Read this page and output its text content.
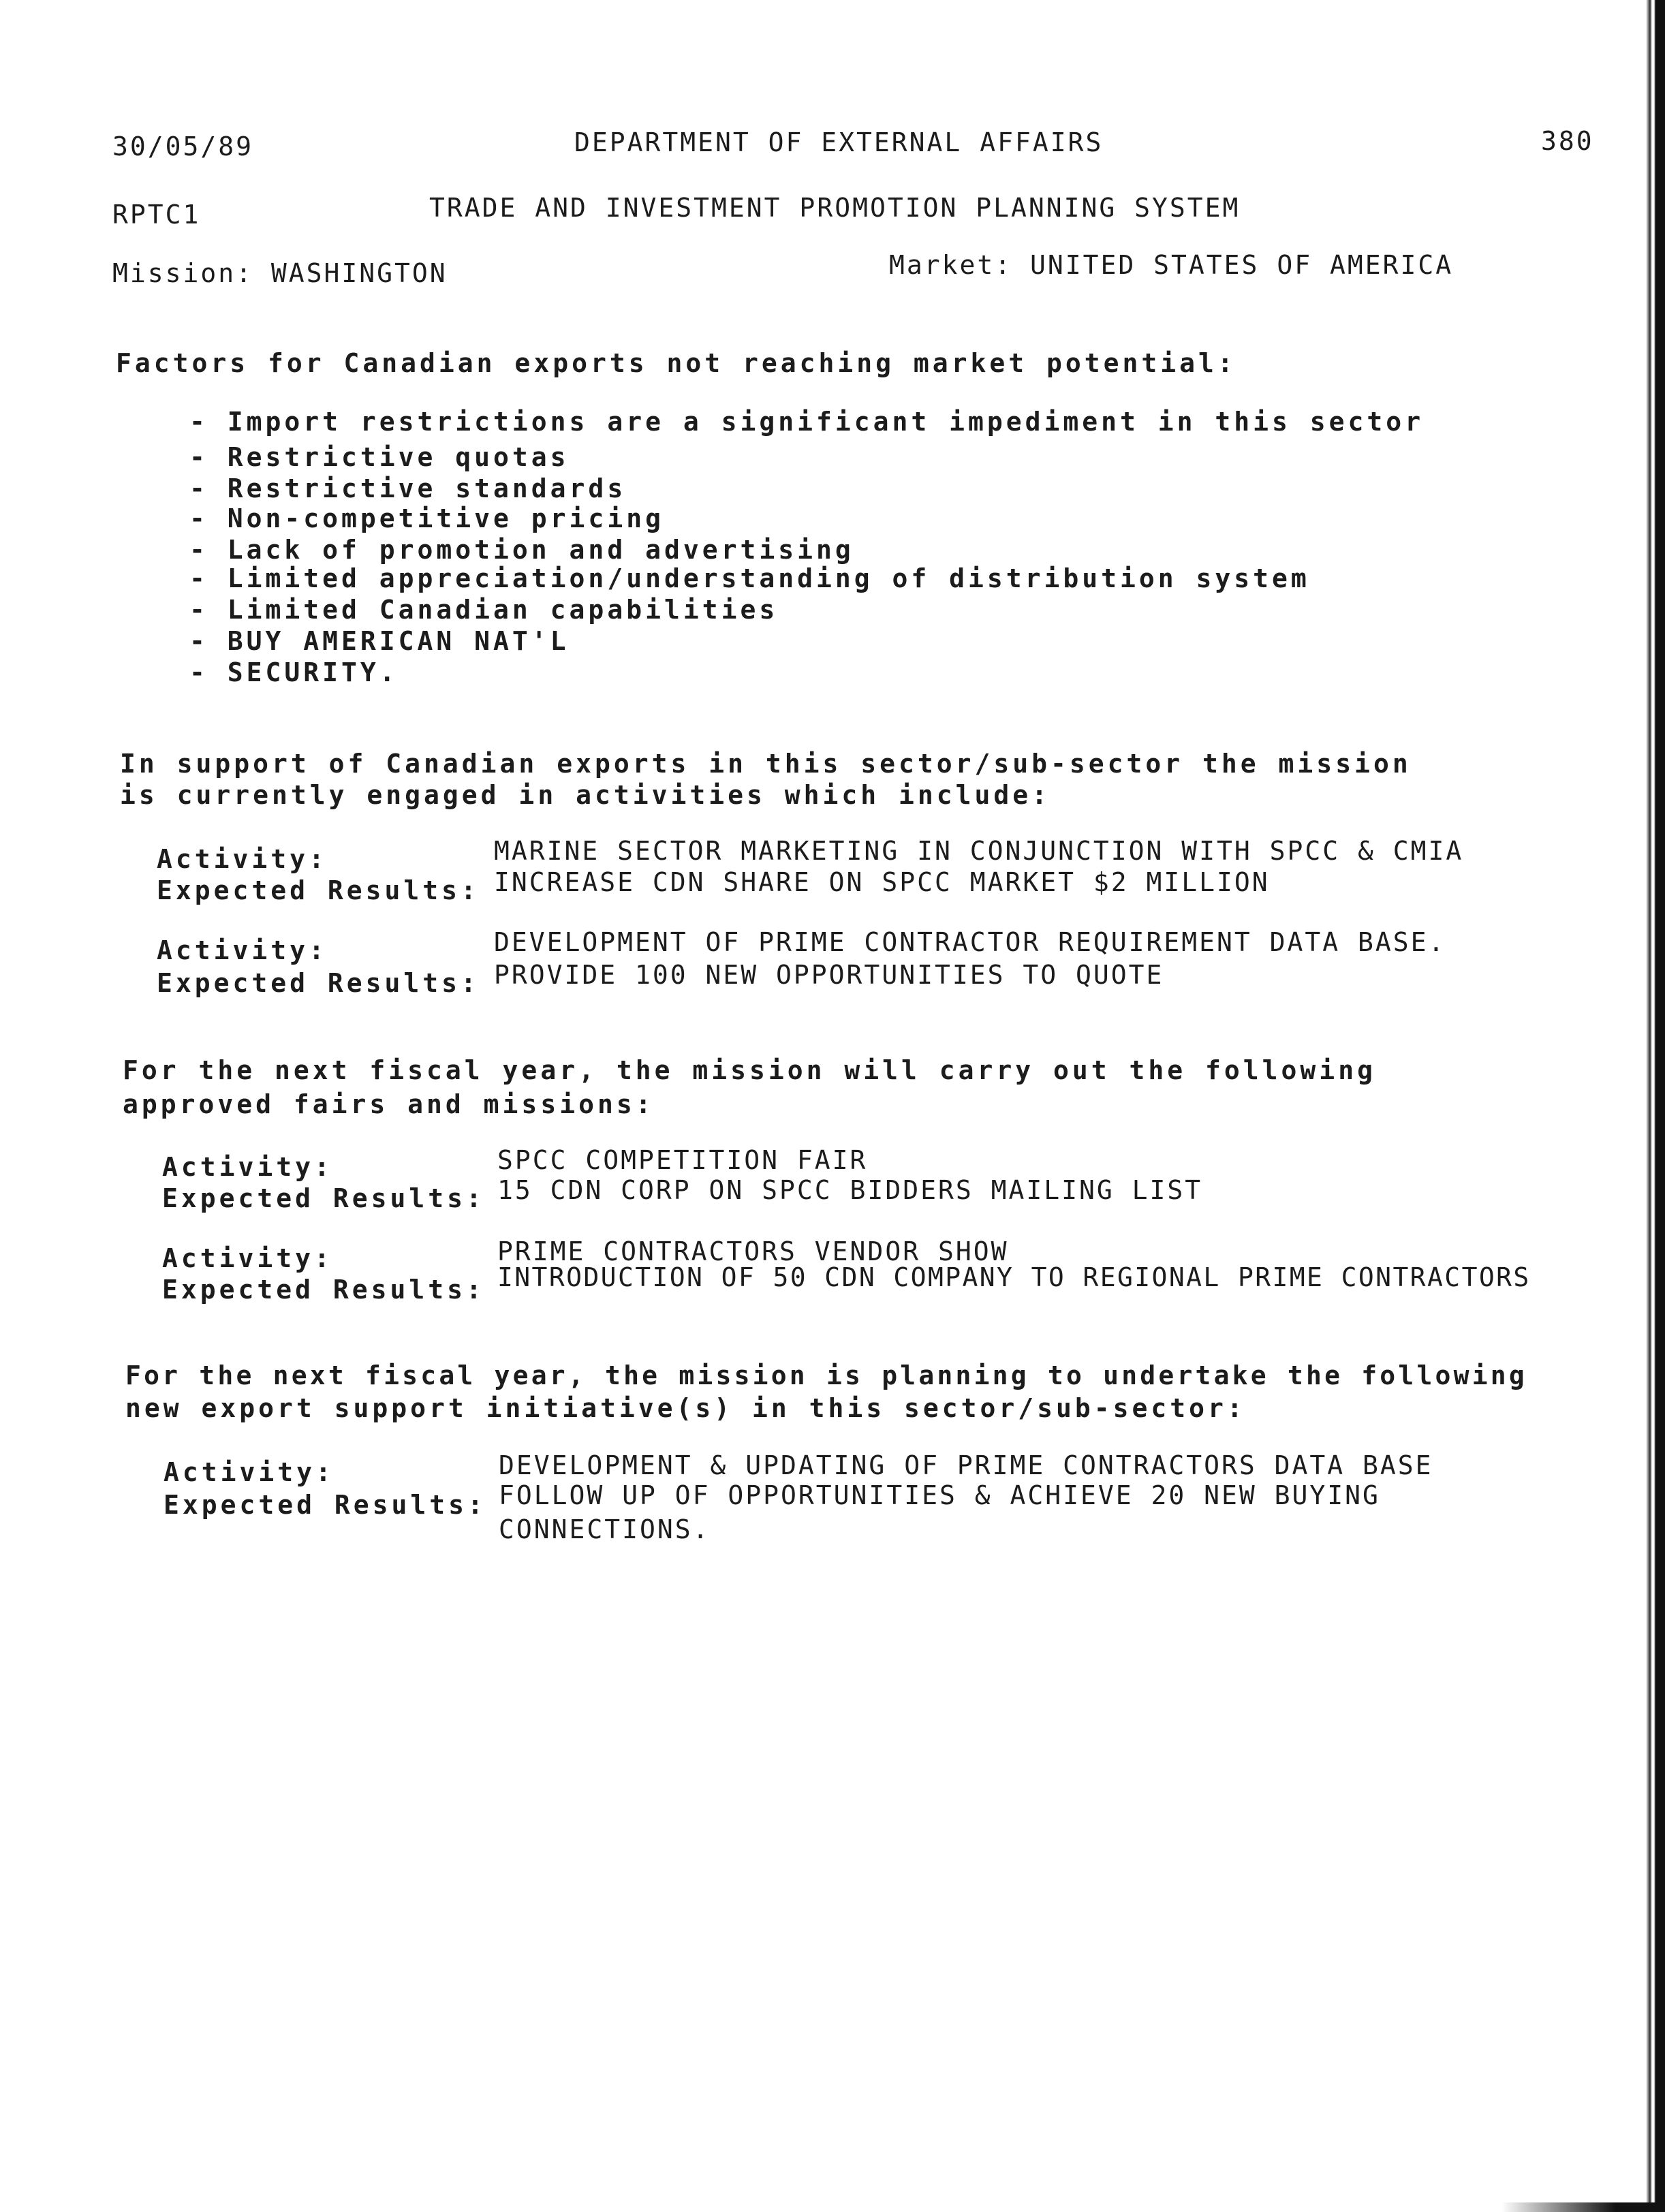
30/05/89	DEPARTMENT OF EXTERNAL AFFAIRS	380
RPTC1	TRADE AND INVESTMENT PROMOTION PLANNING SYSTEM
Mission: WASHINGTON	Market: UNITED STATES OF AMERICA
Factors for Canadian exports not reaching market potential:
- Import restrictions are a significant impediment in this sector
- Restrictive quotas
- Restrictive standards
- Non-competitive pricing
- Lack of promotion and advertising
- Limited appreciation/understanding of distribution system
- Limited Canadian capabilities
- BUY AMERICAN NAT'L
- SECURITY.
In support of Canadian exports in this sector/sub-sector the mission
is currently engaged in activities which include:
Activity:	MARINE SECTOR MARKETING IN CONJUNCTION WITH SPCC & CMIA
Expected Results: INCREASE CDN SHARE ON SPCC MARKET $2 MILLION
Activity:	DEVELOPMENT OF PRIME CONTRACTOR REQUIREMENT DATA BASE.
Expected Results: PROVIDE 100 NEW OPPORTUNITIES TO QUOTE
For the next fiscal year, the mission will carry out the following
approved fairs and missions:
Activity:	SPCC COMPETITION FAIR
Expected Results: 15 CDN CORP ON SPCC BIDDERS MAILING LIST
Activity:	PRIME CONTRACTORS VENDOR SHOW
Expected Results: INTRODUCTION OF 50 CDN COMPANY TO REGIONAL PRIME CONTRACTORS
For the next fiscal year, the mission is planning to undertake the following
new export support initiative(s) in this sector/sub-sector:
Activity:	DEVELOPMENT & UPDATING OF PRIME CONTRACTORS DATA BASE
Expected Results: FOLLOW UP OF OPPORTUNITIES & ACHIEVE 20 NEW BUYING
CONNECTIONS.
